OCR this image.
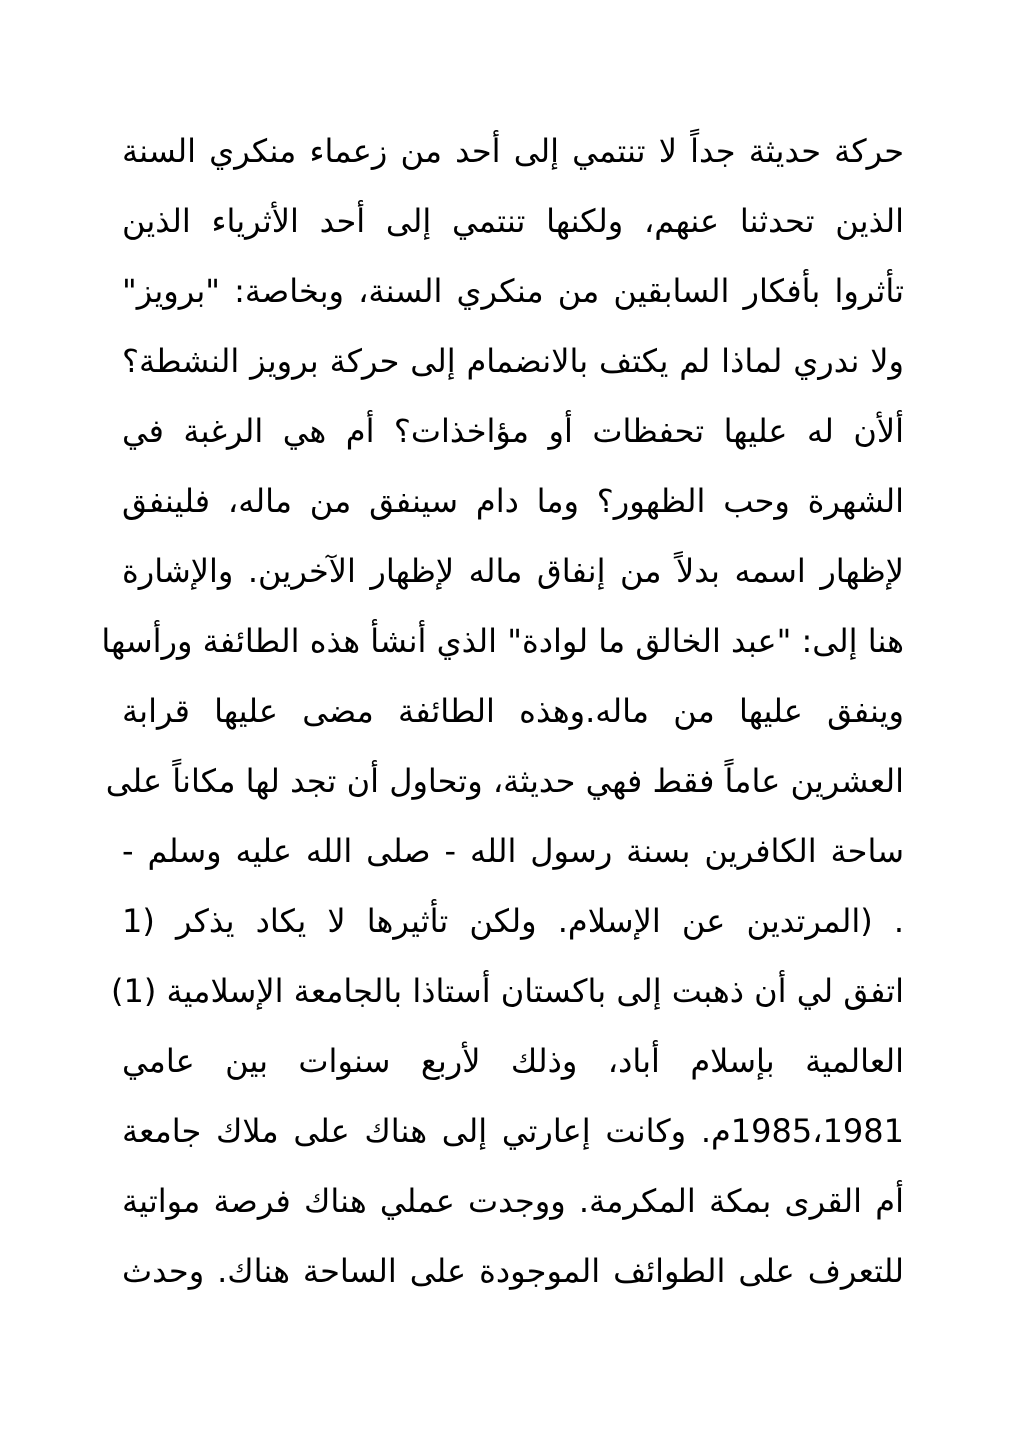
حركة حديثة جداً لا تنتمي إلى أحد من زعماء منكري السنة
الذين تحدثنا عنهم، ولكنها تنتمي إلى أحد الأثرياء الذين
تأثروا بأفكار السابقين من منكري السنة، وبخاصة: "برويز"
ولا ندري لماذا لم يكتف بالانضمام إلى حركة برويز النشطة؟
ألأن له عليها تحفظات أو مؤاخذات؟ أم هي الرغبة في
الشهرة وحب الظهور؟ وما دام سينفق من ماله، فلينفق
لإظهار اسمه بدلاً من إنفاق ماله لإظهار الآخرين. والإشارة
هنا إلى: "عبد الخالق ما لوادة" الذي أنشأ هذه الطائفة ورأسها
وينفق عليها من ماله.وهذه الطائفة مضى عليها قرابة
العشرين عاماً فقط فهي حديثة، وتحاول أن تجد لها مكاناً على
ساحة الكافرين بسنة رسول الله - صلى الله عليه وسلم -
. (المرتدين عن الإسلام. ولكن تأثيرها لا يكاد يذكر (1
اتفق لي أن ذهبت إلى باكستان أستاذا بالجامعة الإسلامية (1)
العالمية بإسلام أباد، وذلك لأربع سنوات بين عامي
1985،1981م. وكانت إعارتي إلى هناك على ملاك جامعة
أم القرى بمكة المكرمة. ووجدت عملي هناك فرصة مواتية
للتعرف على الطوائف الموجودة على الساحة هناك. وحدث
